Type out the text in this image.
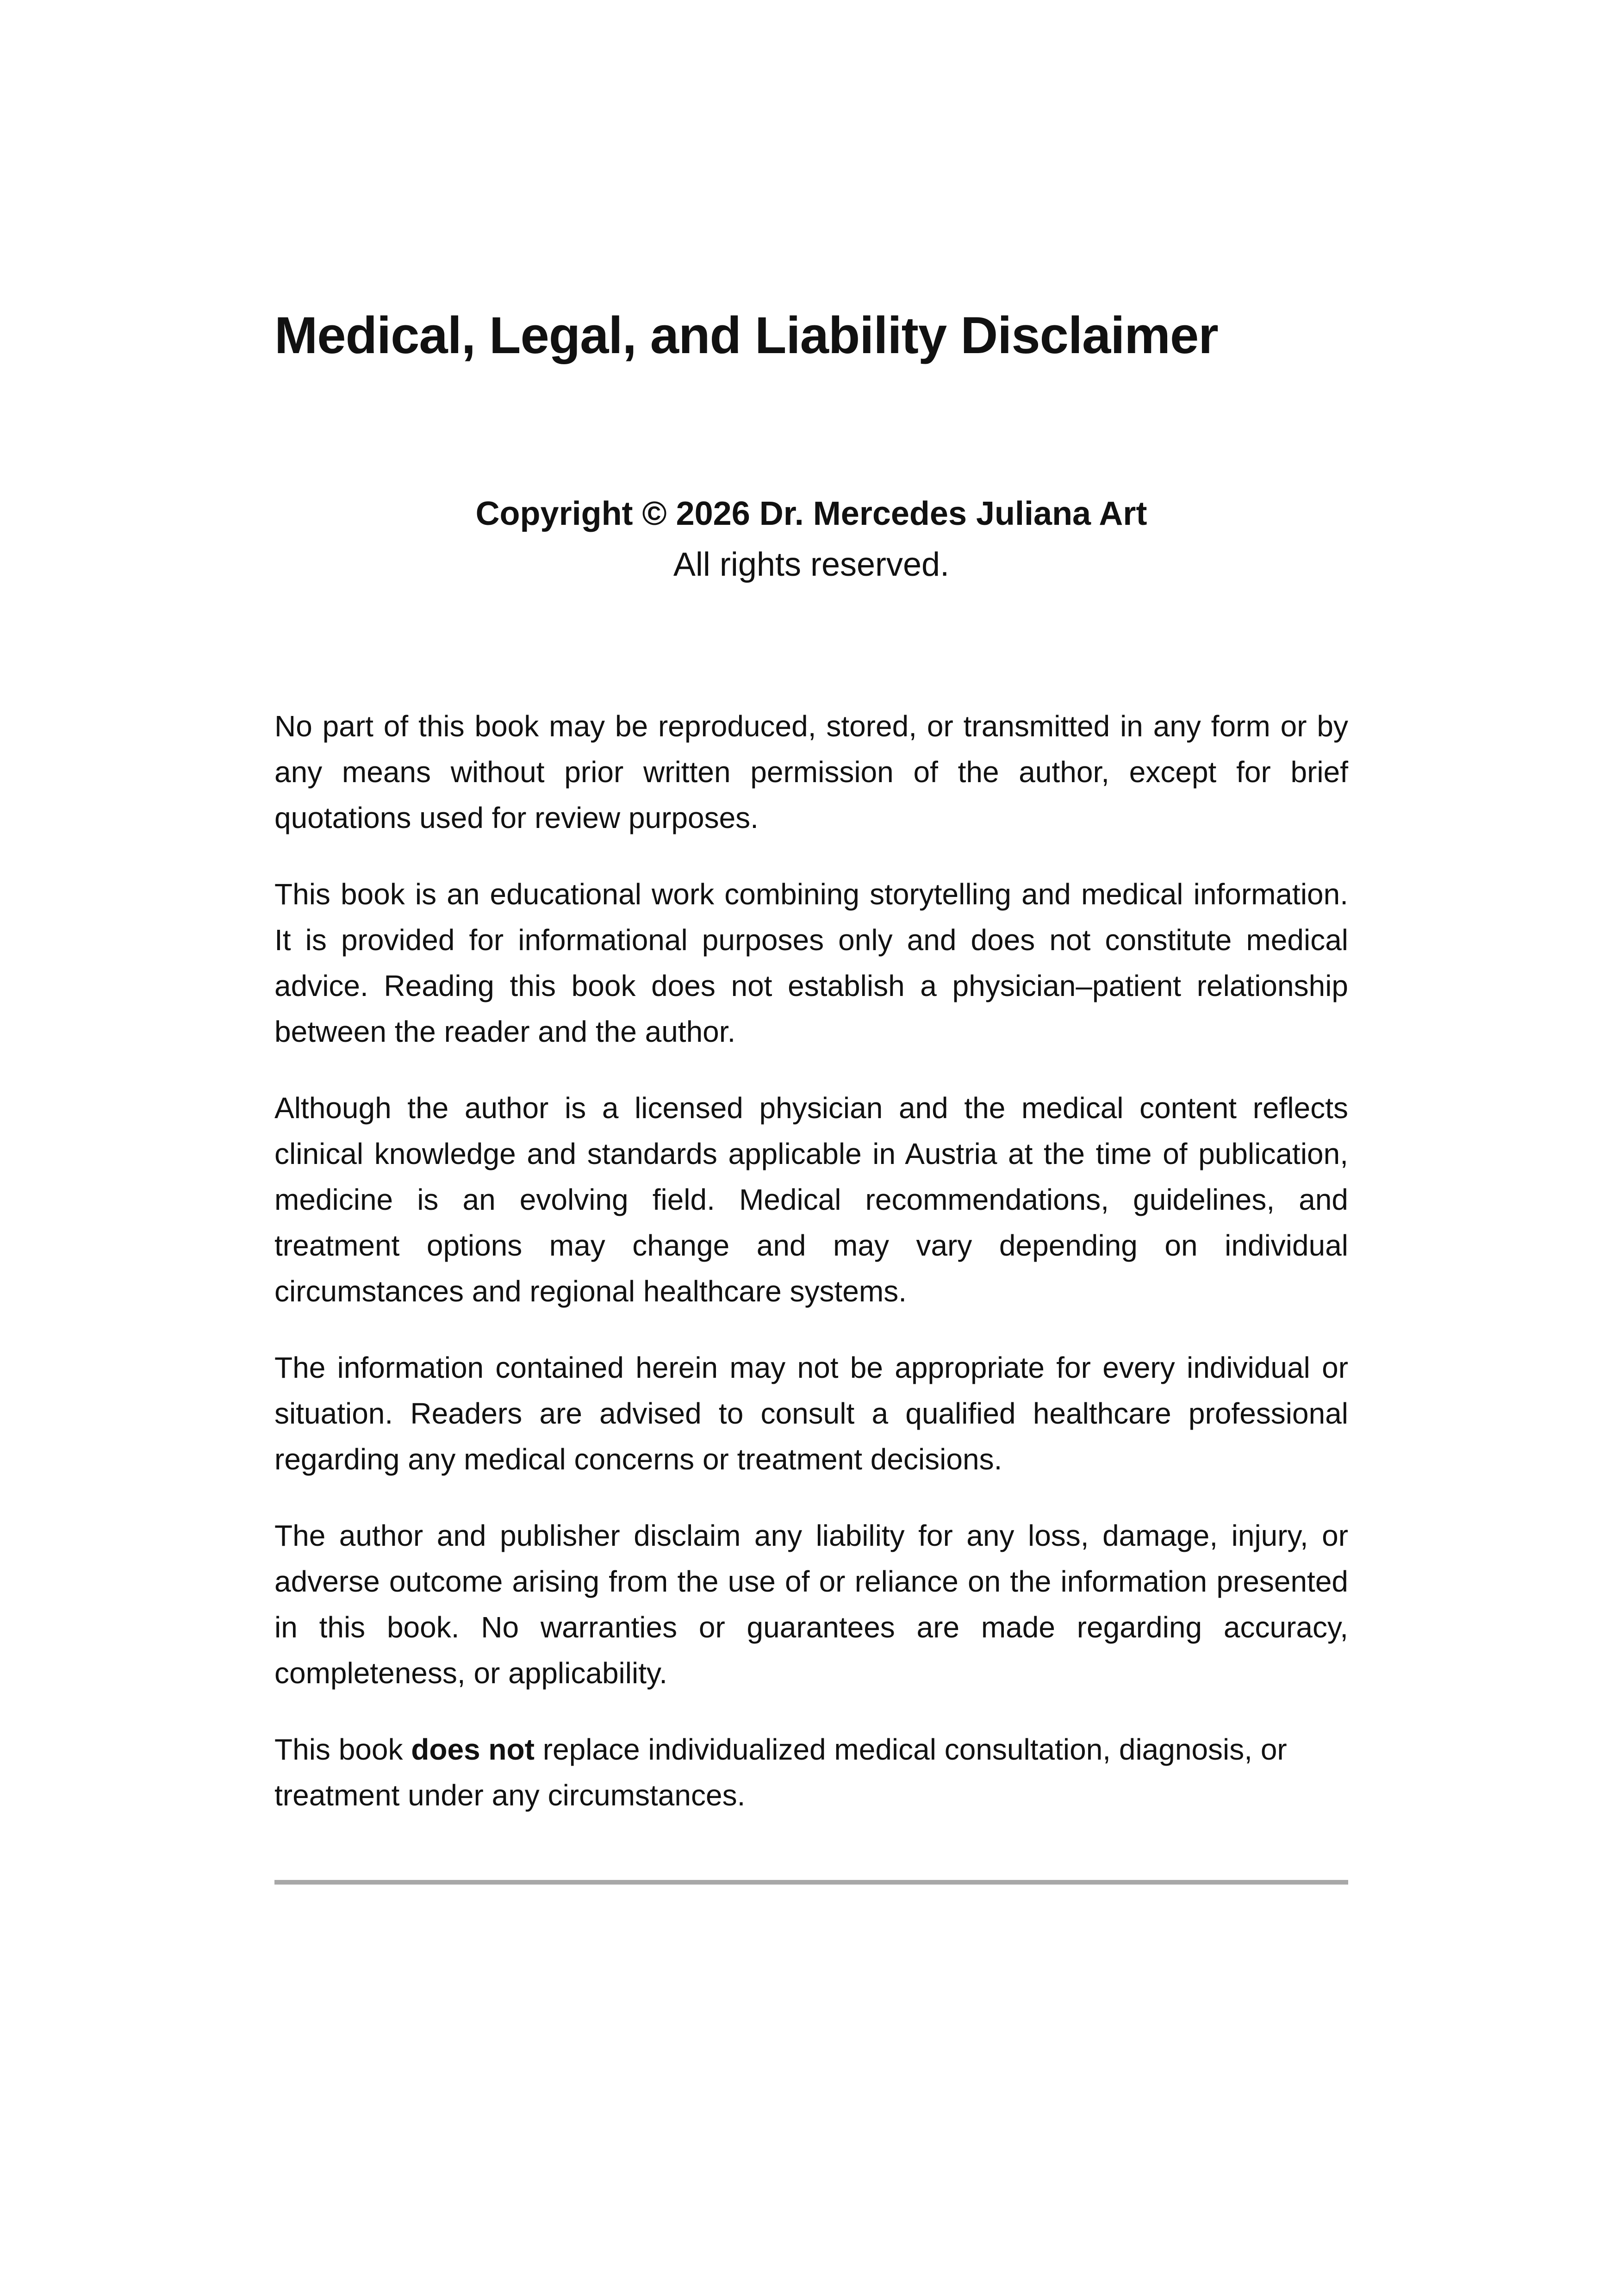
Medical, Legal, and Liability Disclaimer
Copyright © 2026 Dr. Mercedes Juliana Art
All rights reserved.

No part of this book may be reproduced, stored, or transmitted in any form or by any means without prior written permission of the author, except for brief quotations used for review purposes.

This book is an educational work combining storytelling and medical information. It is provided for informational purposes only and does not constitute medical advice. Reading this book does not establish a physician–patient relationship between the reader and the author.

Although the author is a licensed physician and the medical content reflects clinical knowledge and standards applicable in Austria at the time of publication, medicine is an evolving field. Medical recommendations, guidelines, and treatment options may change and may vary depending on individual circumstances and regional healthcare systems.

The information contained herein may not be appropriate for every individual or situation. Readers are advised to consult a qualified healthcare professional regarding any medical concerns or treatment decisions.

The author and publisher disclaim any liability for any loss, damage, injury, or adverse outcome arising from the use of or reliance on the information presented in this book. No warranties or guarantees are made regarding accuracy, completeness, or applicability.

This book does not replace individualized medical consultation, diagnosis, or treatment under any circumstances.
